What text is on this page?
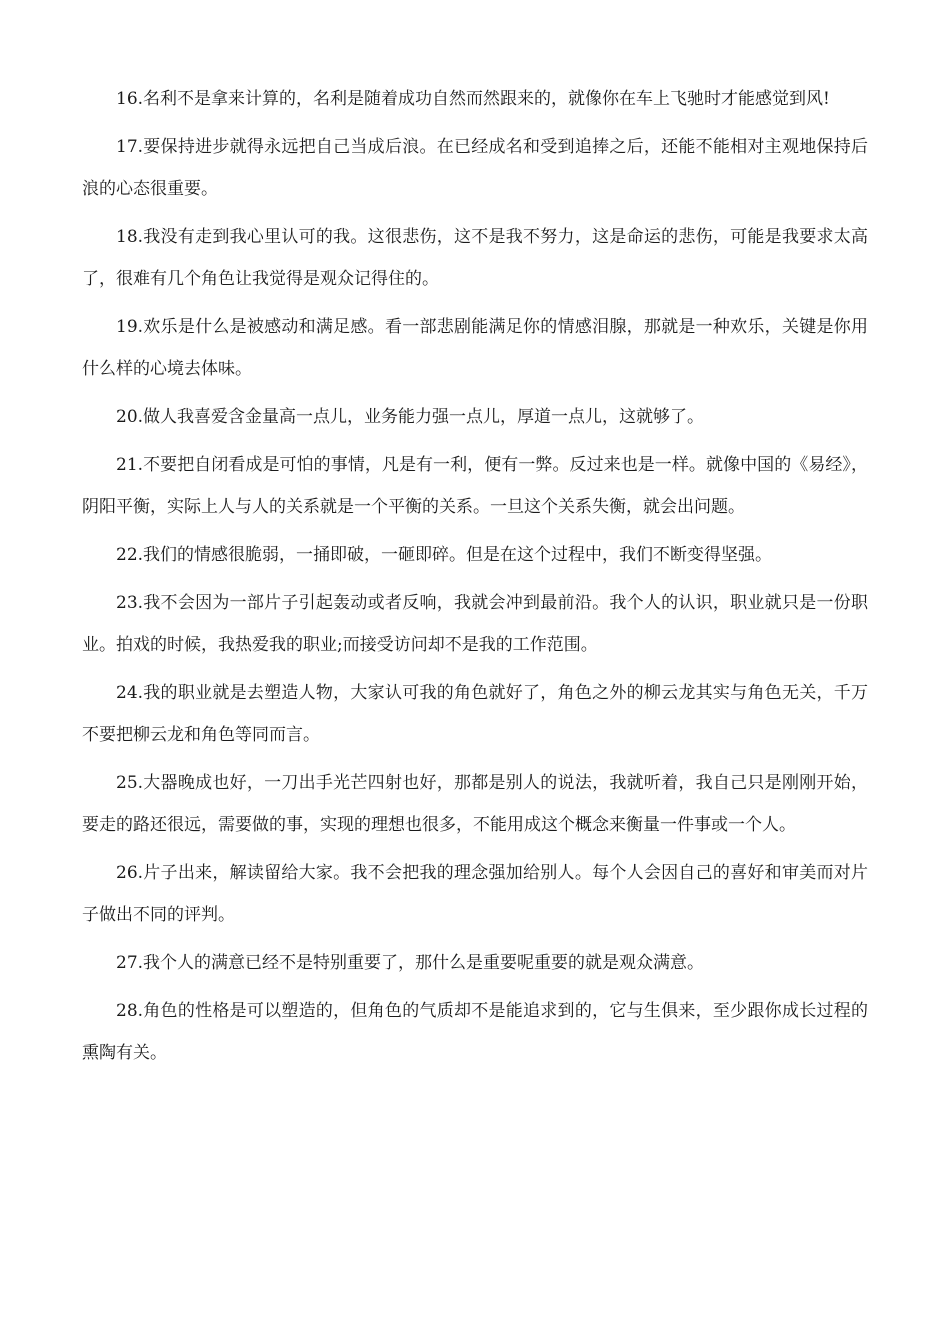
16.名利不是拿来计算的，名利是随着成功自然而然跟来的，就像你在车上飞驰时才能感觉到风!

17.要保持进步就得永远把自己当成后浪。在已经成名和受到追捧之后，还能不能相对主观地保持后浪的心态很重要。

18.我没有走到我心里认可的我。这很悲伤，这不是我不努力，这是命运的悲伤，可能是我要求太高了，很难有几个角色让我觉得是观众记得住的。

19.欢乐是什么是被感动和满足感。看一部悲剧能满足你的情感泪腺，那就是一种欢乐，关键是你用什么样的心境去体味。

20.做人我喜爱含金量高一点儿，业务能力强一点儿，厚道一点儿，这就够了。

21.不要把自闭看成是可怕的事情，凡是有一利，便有一弊。反过来也是一样。就像中国的《易经》，阴阳平衡，实际上人与人的关系就是一个平衡的关系。一旦这个关系失衡，就会出问题。

22.我们的情感很脆弱，一捅即破，一砸即碎。但是在这个过程中，我们不断变得坚强。

23.我不会因为一部片子引起轰动或者反响，我就会冲到最前沿。我个人的认识，职业就只是一份职业。拍戏的时候，我热爱我的职业;而接受访问却不是我的工作范围。

24.我的职业就是去塑造人物，大家认可我的角色就好了，角色之外的柳云龙其实与角色无关，千万不要把柳云龙和角色等同而言。

25.大器晚成也好，一刀出手光芒四射也好，那都是别人的说法，我就听着，我自己只是刚刚开始，要走的路还很远，需要做的事，实现的理想也很多，不能用成这个概念来衡量一件事或一个人。

26.片子出来，解读留给大家。我不会把我的理念强加给别人。每个人会因自己的喜好和审美而对片子做出不同的评判。

27.我个人的满意已经不是特别重要了，那什么是重要呢重要的就是观众满意。

28.角色的性格是可以塑造的，但角色的气质却不是能追求到的，它与生俱来，至少跟你成长过程的熏陶有关。
